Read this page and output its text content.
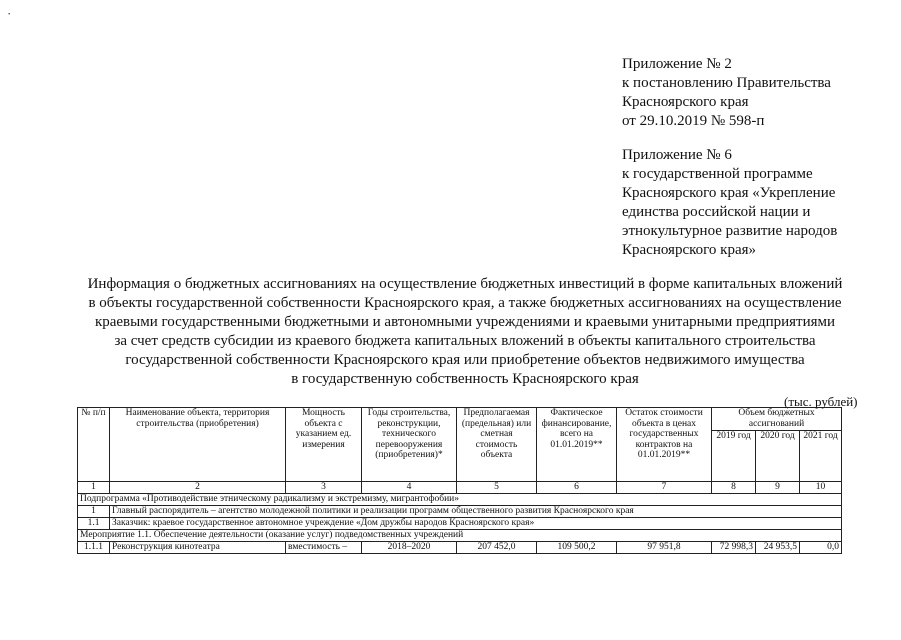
·
Приложение № 2
к постановлению Правительства
Красноярского края
от 29.10.2019 № 598-п
Приложение № 6
к государственной программе
Красноярского края «Укрепление
единства российской нации и
этнокультурное развитие народов
Красноярского края»
Информация о бюджетных ассигнованиях на осуществление бюджетных инвестиций в форме капитальных вложений
в объекты государственной собственности Красноярского края, а также бюджетных ассигнованиях на осуществление
краевыми государственными бюджетными и автономными учреждениями и краевыми унитарными предприятиями
за счет средств субсидии из краевого бюджета капитальных вложений в объекты капитального строительства
государственной собственности Красноярского края или приобретение объектов недвижимого имущества
в государственную собственность Красноярского края
(тыс. рублей)
№ п/п	Наименование объекта, территория строительства (приобретения)	Мощность объекта с указанием ед. измерения	Годы строительства, реконструкции, технического перевооружения (приобретения)*	Предполагаемая (предельная) или сметная стоимость объекта	Фактическое финансирование, всего на 01.01.2019**	Остаток стоимости объекта в ценах государственных контрактов на 01.01.2019**	Объем бюджетных ассигнований		
							2019 год	2020 год	2021 год
1	2	3	4	5	6	7	8	9	10
Подпрограмма «Противодействие этническому радикализму и экстремизму, мигрантофобии»									
1	Главный распорядитель – агентство молодежной политики и реализации программ общественного развития Красноярского края								
1.1	Заказчик: краевое государственное автономное учреждение «Дом дружбы народов Красноярского края»								
Мероприятие 1.1. Обеспечение деятельности (оказание услуг) подведомственных учреждений									
1.1.1	Реконструкция кинотеатра	вместимость –	2018–2020	207 452,0	109 500,2	97 951,8	72 998,3	24 953,5	0,0
